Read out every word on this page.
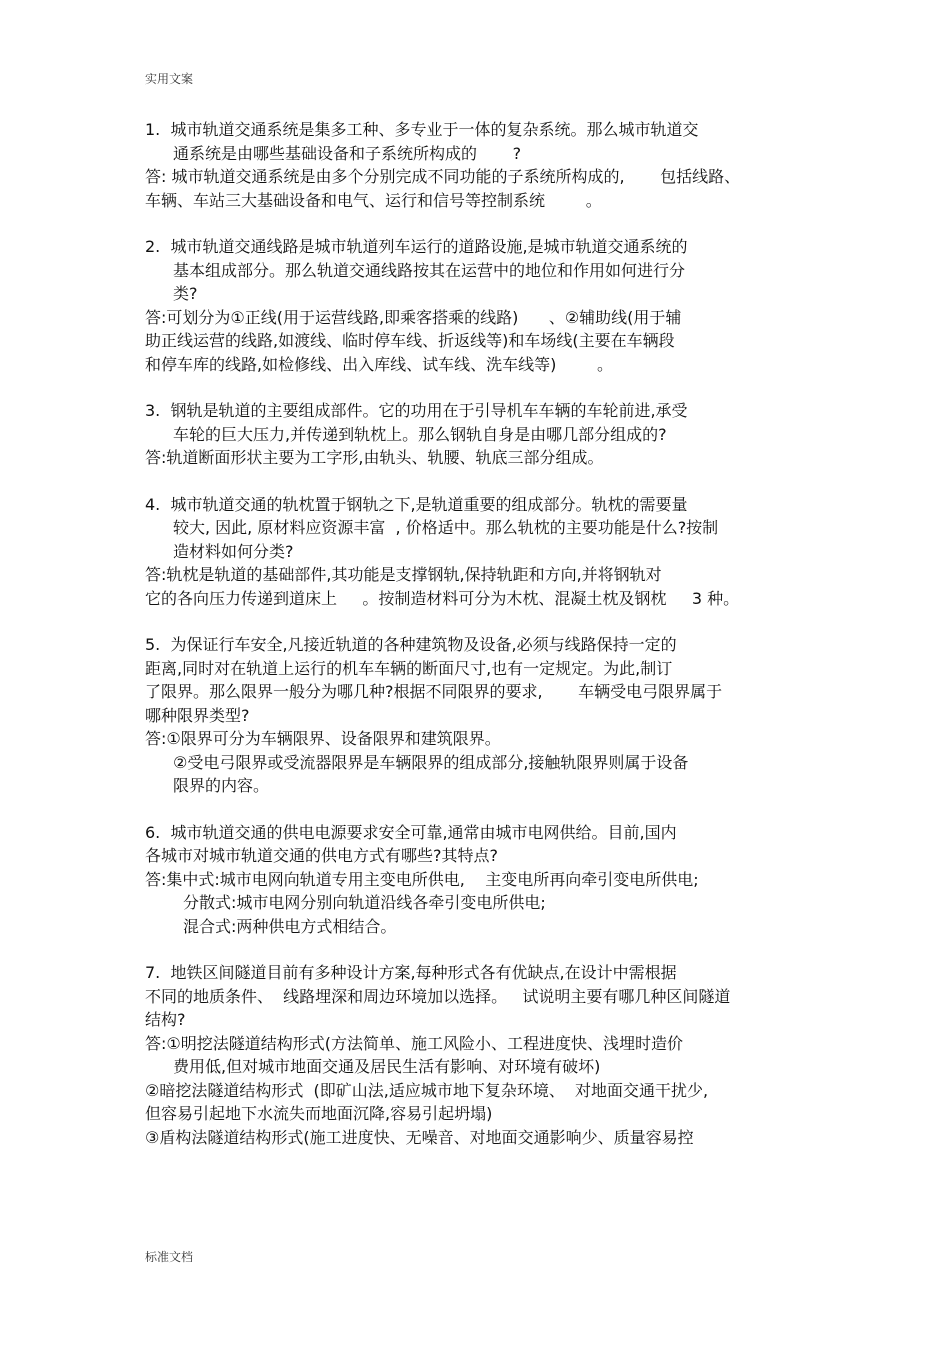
实用文案
1.  城市轨道交通系统是集多工种、多专业于一体的复杂系统。那么城市轨道交
通系统是由哪些基础设备和子系统所构成的       ?
答: 城市轨道交通系统是由多个分别完成不同功能的子系统所构成的,       包括线路、
车辆、车站三大基础设备和电气、运行和信号等控制系统        。
2.  城市轨道交通线路是城市轨道列车运行的道路设施,是城市轨道交通系统的
基本组成部分。那么轨道交通线路按其在运营中的地位和作用如何进行分
类?
答:可划分为①正线(用于运营线路,即乘客搭乘的线路)      、②辅助线(用于辅
助正线运营的线路,如渡线、临时停车线、折返线等)和车场线(主要在车辆段
和停车库的线路,如检修线、出入库线、试车线、洗车线等)        。
3.  钢轨是轨道的主要组成部件。它的功用在于引导机车车辆的车轮前进,承受
车轮的巨大压力,并传递到轨枕上。那么钢轨自身是由哪几部分组成的?
答:轨道断面形状主要为工字形,由轨头、轨腰、轨底三部分组成。
4.  城市轨道交通的轨枕置于钢轨之下,是轨道重要的组成部分。轨枕的需要量
较大, 因此, 原材料应资源丰富  , 价格适中。那么轨枕的主要功能是什么?按制
造材料如何分类?
答:轨枕是轨道的基础部件,其功能是支撑钢轨,保持轨距和方向,并将钢轨对
它的各向压力传递到道床上     。按制造材料可分为木枕、混凝土枕及钢枕     3 种。
5.  为保证行车安全,凡接近轨道的各种建筑物及设备,必须与线路保持一定的
距离,同时对在轨道上运行的机车车辆的断面尺寸,也有一定规定。为此,制订
了限界。那么限界一般分为哪几种?根据不同限界的要求,       车辆受电弓限界属于
哪种限界类型?
答:①限界可分为车辆限界、设备限界和建筑限界。
②受电弓限界或受流器限界是车辆限界的组成部分,接触轨限界则属于设备
限界的内容。
6.  城市轨道交通的供电电源要求安全可靠,通常由城市电网供给。目前,国内
各城市对城市轨道交通的供电方式有哪些?其特点?
答:集中式:城市电网向轨道专用主变电所供电,    主变电所再向牵引变电所供电;
分散式:城市电网分别向轨道沿线各牵引变电所供电;
混合式:两种供电方式相结合。
7.  地铁区间隧道目前有多种设计方案,每种形式各有优缺点,在设计中需根据
不同的地质条件、  线路埋深和周边环境加以选择。   试说明主要有哪几种区间隧道
结构?
答:①明挖法隧道结构形式(方法简单、施工风险小、工程进度快、浅埋时造价
费用低,但对城市地面交通及居民生活有影响、对环境有破坏)
②暗挖法隧道结构形式  (即矿山法,适应城市地下复杂环境、  对地面交通干扰少,
但容易引起地下水流失而地面沉降,容易引起坍塌)
③盾构法隧道结构形式(施工进度快、无噪音、对地面交通影响少、质量容易控
标准文档
